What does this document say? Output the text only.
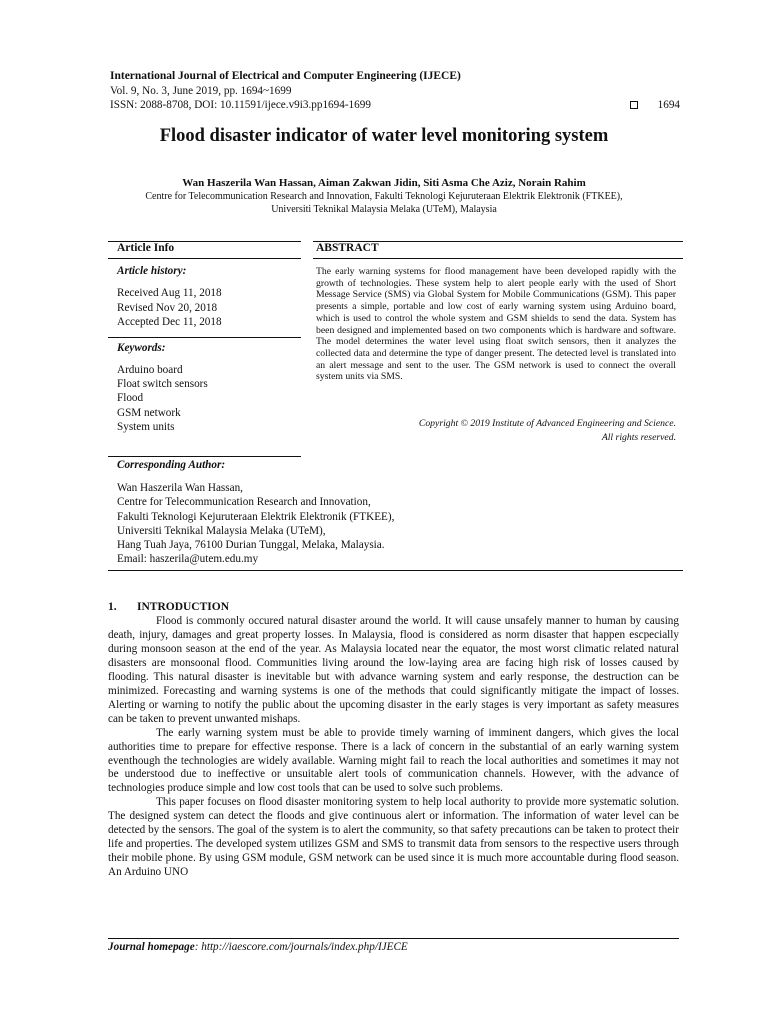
International Journal of Electrical and Computer Engineering (IJECE)
Vol. 9, No. 3, June 2019, pp. 1694~1699
ISSN: 2088-8708, DOI: 10.11591/ijece.v9i3.pp1694-1699	1694
Flood disaster indicator of water level monitoring system
Wan Haszerila Wan Hassan, Aiman Zakwan Jidin, Siti Asma Che Aziz, Norain Rahim
Centre for Telecommunication Research and Innovation, Fakulti Teknologi Kejuruteraan Elektrik Elektronik (FTKEE),
Universiti Teknikal Malaysia Melaka (UTeM), Malaysia
Article Info	ABSTRACT
Article history:
Received Aug 11, 2018
Revised Nov 20, 2018
Accepted Dec 11, 2018
Keywords:
Arduino board
Float switch sensors
Flood
GSM network
System units
The early warning systems for flood management have been developed rapidly with the growth of technologies. These system help to alert people early with the used of Short Message Service (SMS) via Global System for Mobile Communications (GSM). This paper presents a simple, portable and low cost of early warning system using Arduino board, which is used to control the whole system and GSM shields to send the data. System has been designed and implemented based on two components which is hardware and software. The model determines the water level using float switch sensors, then it analyzes the collected data and determine the type of danger present. The detected level is translated into an alert message and sent to the user. The GSM network is used to connect the overall system units via SMS.
Copyright © 2019 Institute of Advanced Engineering and Science.
All rights reserved.
Corresponding Author:
Wan Haszerila Wan Hassan,
Centre for Telecommunication Research and Innovation,
Fakulti Teknologi Kejuruteraan Elektrik Elektronik (FTKEE),
Universiti Teknikal Malaysia Melaka (UTeM),
Hang Tuah Jaya, 76100 Durian Tunggal, Melaka, Malaysia.
Email: haszerila@utem.edu.my
1. INTRODUCTION

Flood is commonly occured natural disaster around the world. It will cause unsafely manner to human by causing death, injury, damages and great property losses. In Malaysia, flood is considered as norm disaster that happen escpecially during monsoon season at the end of the year. As Malaysia located near the equator, the most worst climatic related natural disasters are monsoonal flood. Communities living around the low-laying area are facing high risk of losses caused by flooding. This natural disaster is inevitable but with advance warning system and early response, the destruction can be minimized. Forecasting and warning systems is one of the methods that could significantly mitigate the impact of losses. Alerting or warning to notify the public about the upcoming disaster in the early stages is very important as safety measures can be taken to prevent unwanted mishaps.

The early warning system must be able to provide timely warning of imminent dangers, which gives the local authorities time to prepare for effective response. There is a lack of concern in the substantial of an early warning system eventhough the technologies are widely available. Warning might fail to reach the local authorities and sometimes it may not be understood due to ineffective or unsuitable alert tools of communication channels. However, with the advance of technologies produce simple and low cost tools that can be used to solve such problems.

This paper focuses on flood disaster monitoring system to help local authority to provide more systematic solution. The designed system can detect the floods and give continuous alert or information. The information of water level can be detected by the sensors. The goal of the system is to alert the community, so that safety precautions can be taken to protect their life and properties. The developed system utilizes GSM and SMS to transmit data from sensors to the respective users through their mobile phone. By using GSM module, GSM network can be used since it is much more accountable during flood season. An Arduino UNO

Journal homepage: http://iaescore.com/journals/index.php/IJECE
